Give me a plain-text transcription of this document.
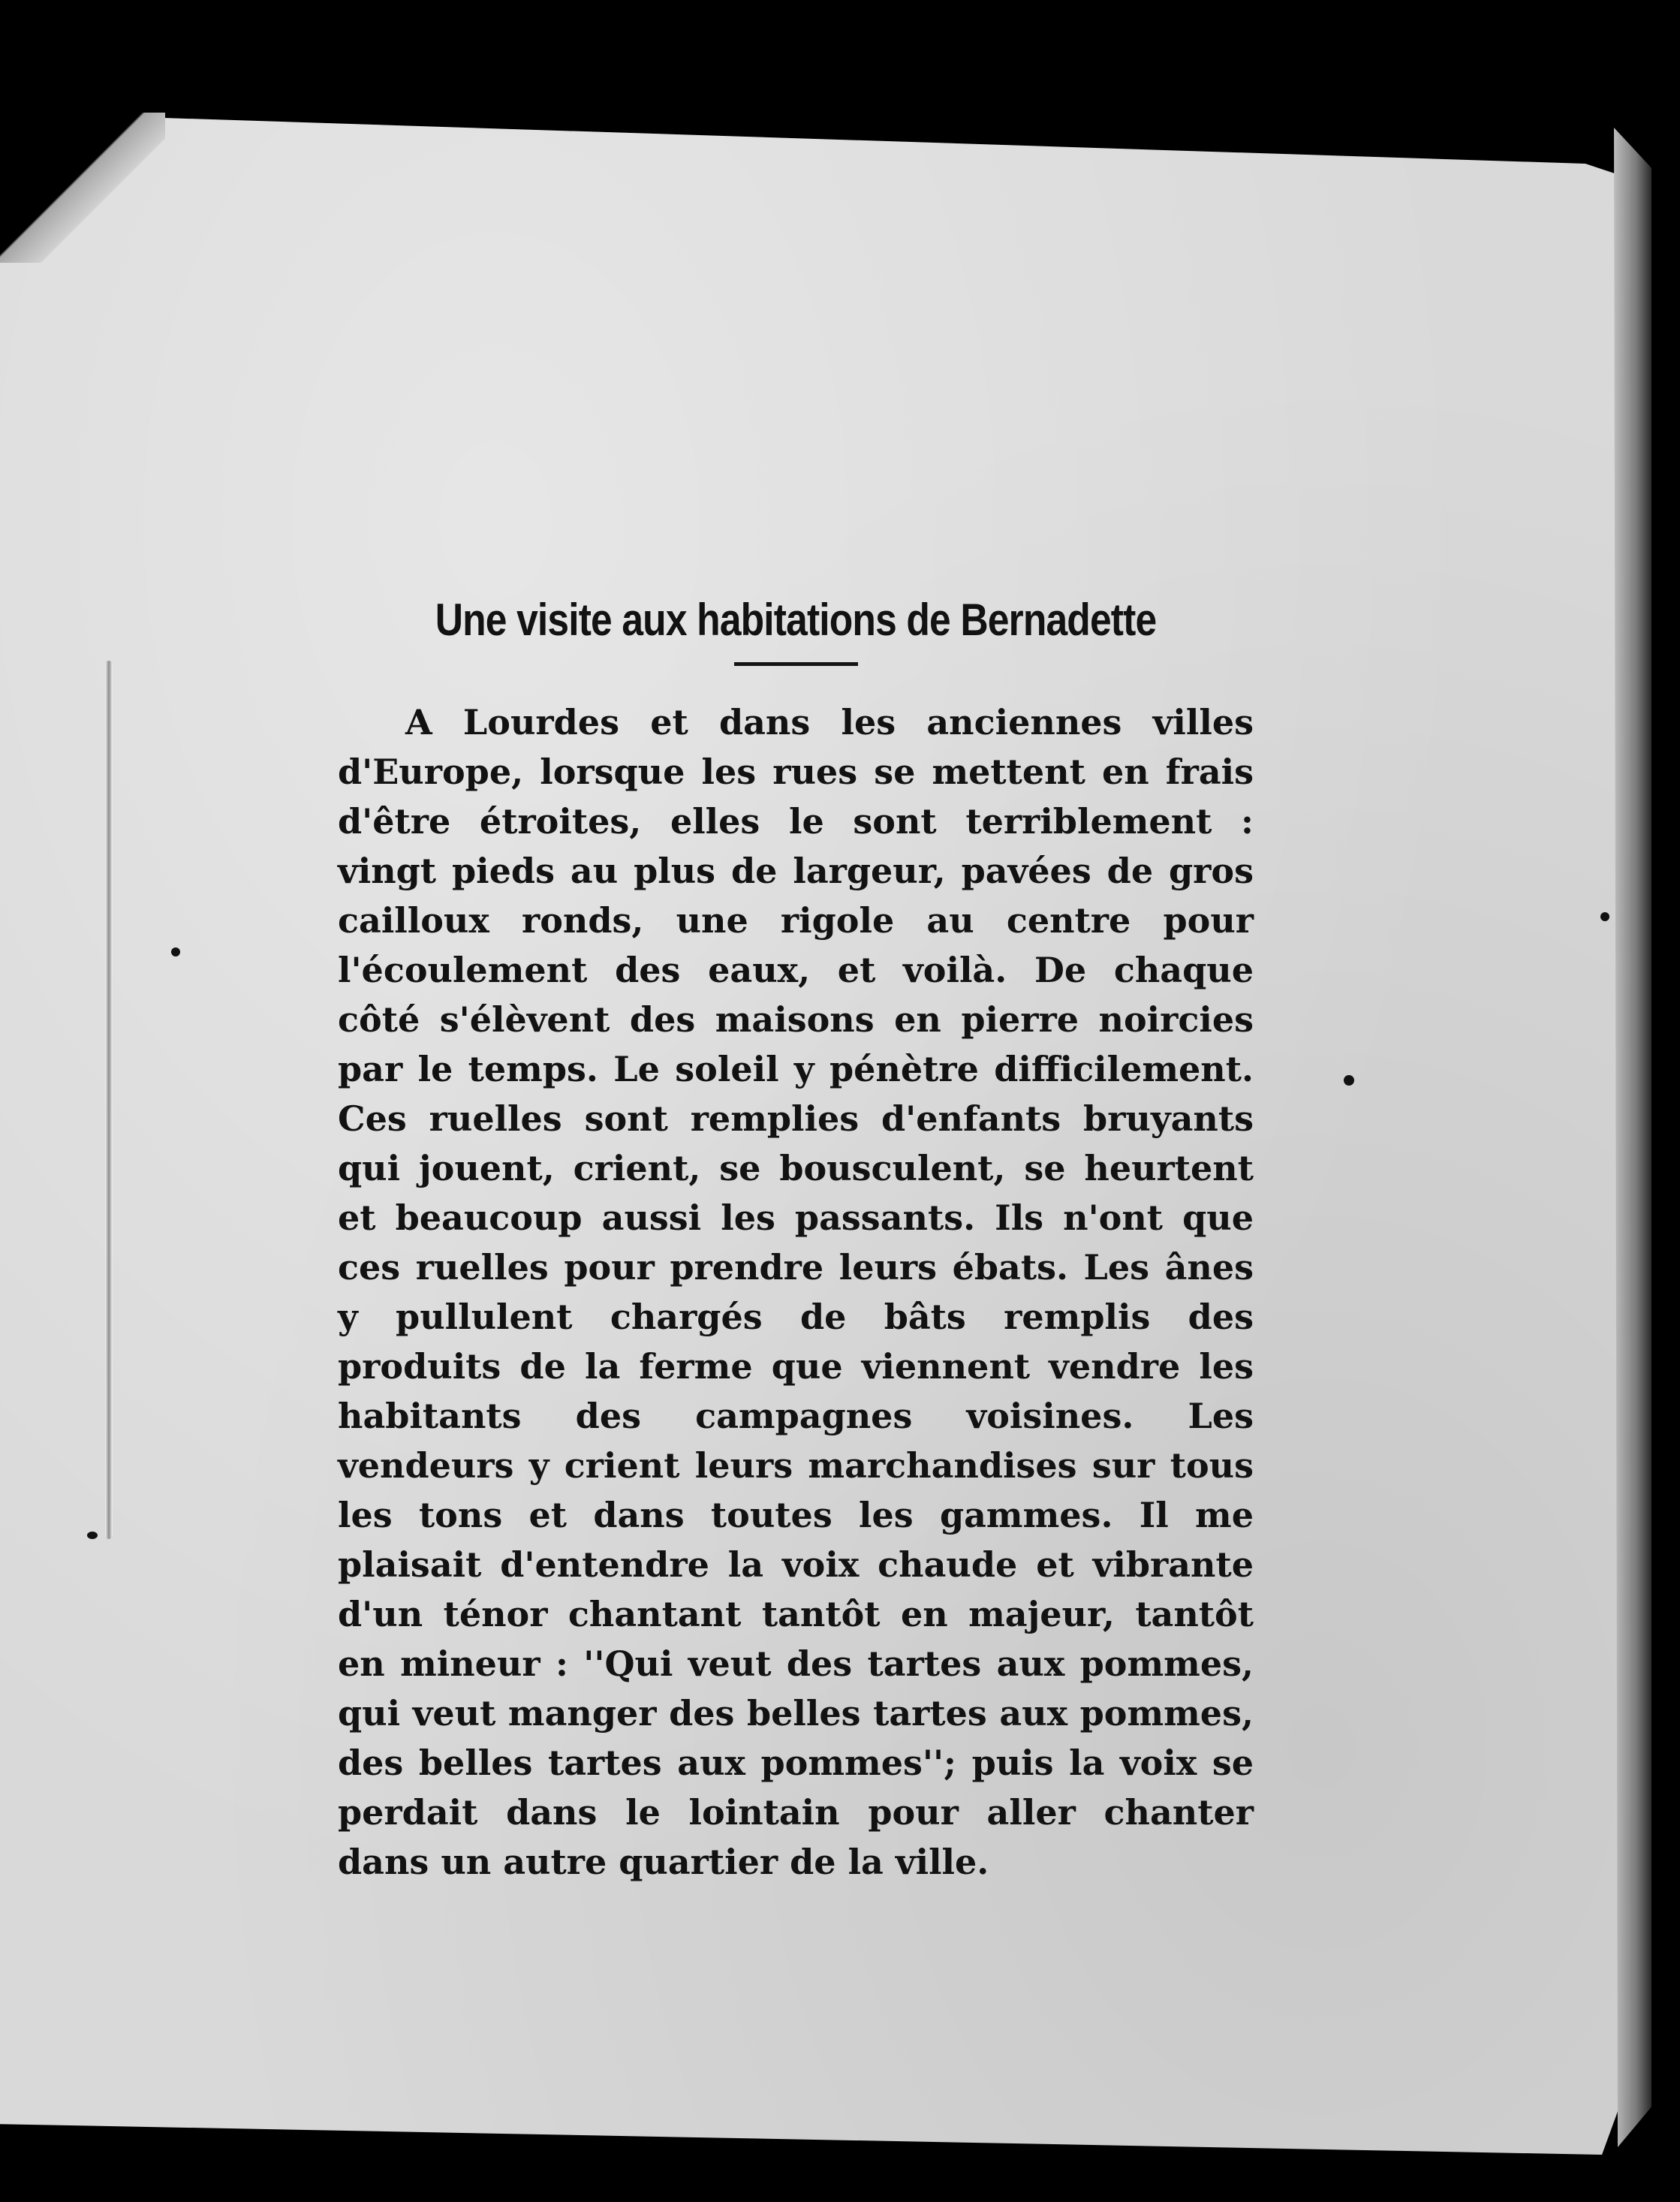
Une visite aux habitations de Bernadette

A Lourdes et dans les anciennes villes d'Europe, lorsque les rues se mettent en frais d'être étroites, elles le sont terriblement : vingt pieds au plus de largeur, pavées de gros cailloux ronds, une rigole au centre pour l'écoulement des eaux, et voilà. De chaque côté s'élèvent des maisons en pierre noircies par le temps. Le soleil y pénètre difficilement. Ces ruelles sont remplies d'enfants bruyants qui jouent, crient, se bousculent, se heurtent et beaucoup aussi les passants. Ils n'ont que ces ruelles pour prendre leurs ébats. Les ânes y pullulent chargés de bâts remplis des produits de la ferme que viennent vendre les habitants des campagnes voisines. Les vendeurs y crient leurs marchandises sur tous les tons et dans toutes les gammes. Il me plaisait d'entendre la voix chaude et vibrante d'un ténor chantant tantôt en majeur, tantôt en mineur : ''Qui veut des tartes aux pommes, qui veut manger des belles tartes aux pommes, des belles tartes aux pommes''; puis la voix se perdait dans le lointain pour aller chanter dans un autre quartier de la ville.
